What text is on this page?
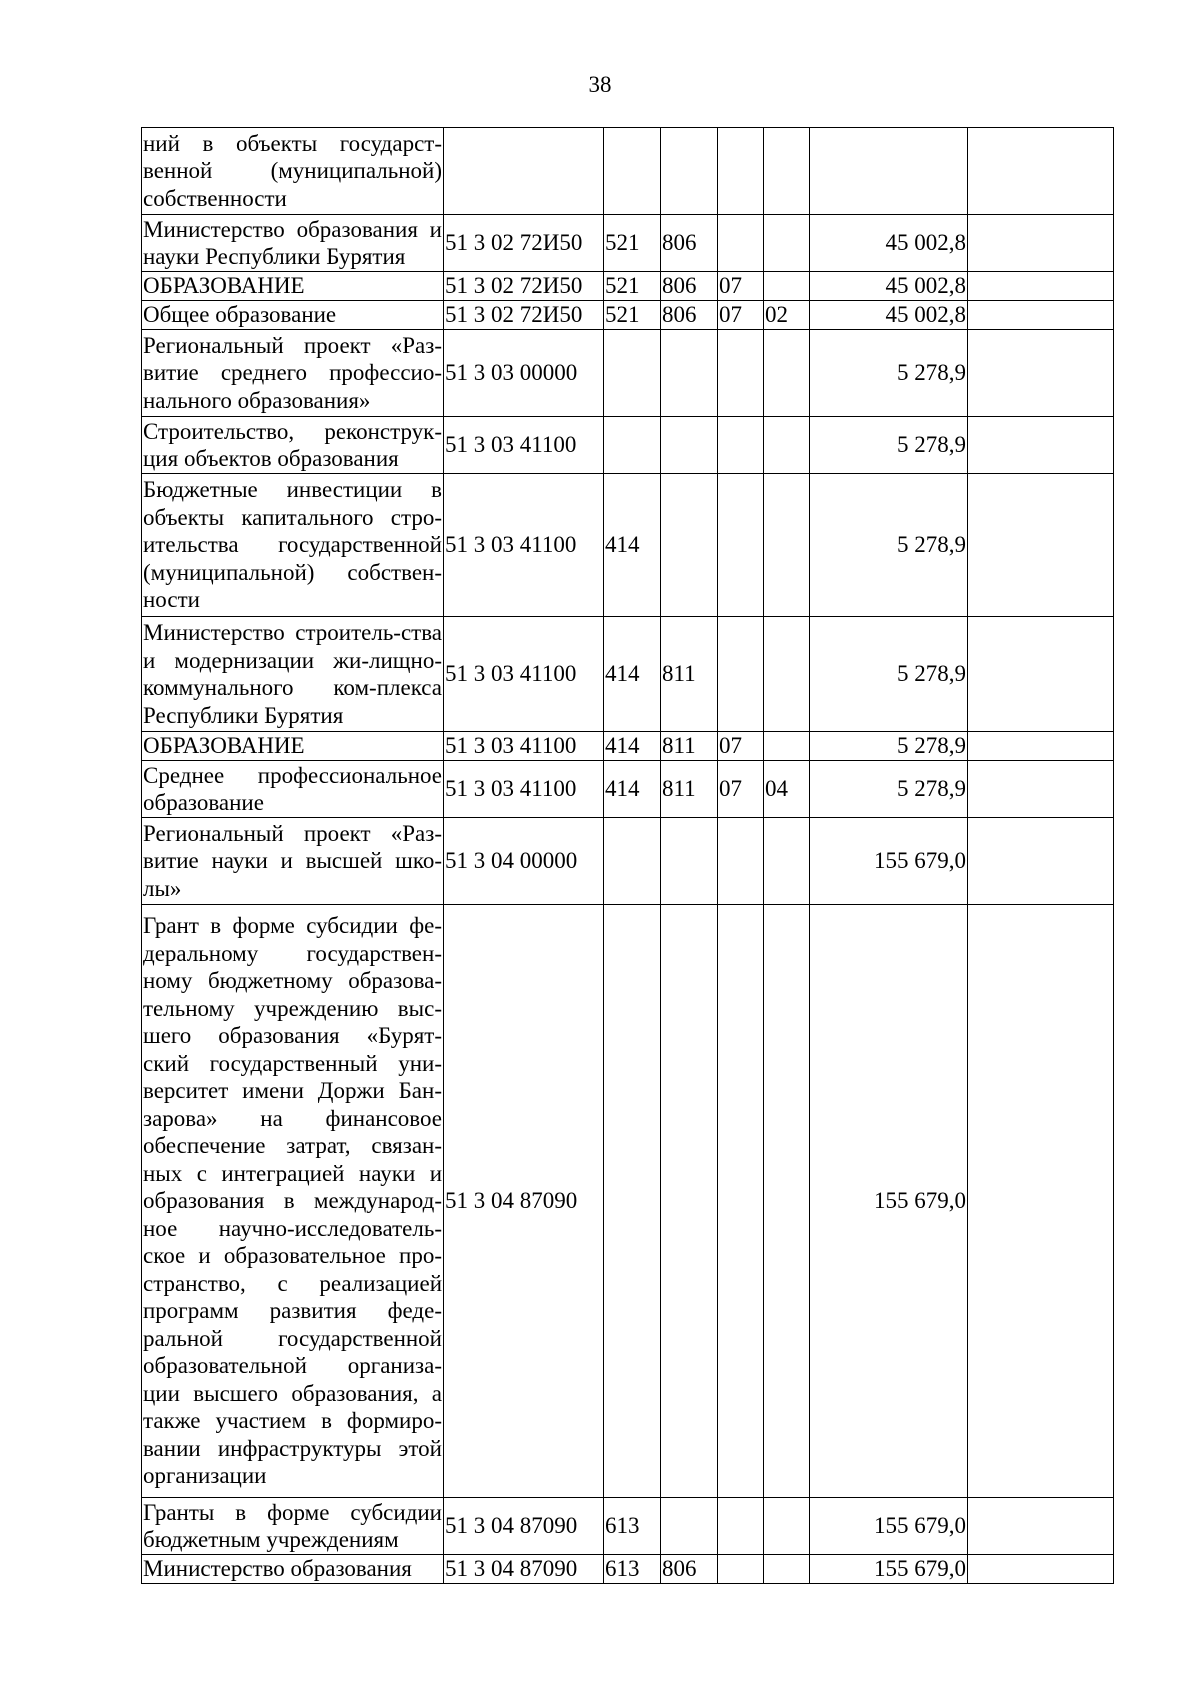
38
ний в объекты государст-венной (муниципальной) собственности							
Министерство образования и науки Республики Бурятия	51 3 02 72И50	521	806			45 002,8	
ОБРАЗОВАНИЕ	51 3 02 72И50	521	806	07		45 002,8	
Общее образование	51 3 02 72И50	521	806	07	02	45 002,8	
Региональный проект «Раз-витие среднего профессио-нального образования»	51 3 03 00000					5 278,9	
Строительство, реконструк-ция объектов образования	51 3 03 41100					5 278,9	
Бюджетные инвестиции в объекты капитального стро-ительства государственной (муниципальной) собствен-ности	51 3 03 41100	414				5 278,9	
Министерство строитель-ства и модернизации жи-лищно-коммунального ком-плекса Республики Бурятия	51 3 03 41100	414	811			5 278,9	
ОБРАЗОВАНИЕ	51 3 03 41100	414	811	07		5 278,9	
Среднее профессиональное образование	51 3 03 41100	414	811	07	04	5 278,9	
Региональный проект «Раз-витие науки и высшей шко-лы»	51 3 04 00000					155 679,0	
Грант в форме субсидии фе-деральному государствен-ному бюджетному образова-тельному учреждению выс-шего образования «Бурят-ский государственный уни-верситет имени Доржи Бан-зарова» на финансовое обеспечение затрат, связан-ных с интеграцией науки и образования в международ-ное научно-исследователь-ское и образовательное про-странство, с реализацией программ развития феде-ральной государственной образовательной организа-ции высшего образования, а также участием в формиро-вании инфраструктуры этой организации	51 3 04 87090					155 679,0	
Гранты в форме субсидии бюджетным учреждениям	51 3 04 87090	613				155 679,0	
Министерство образования	51 3 04 87090	613	806			155 679,0	
